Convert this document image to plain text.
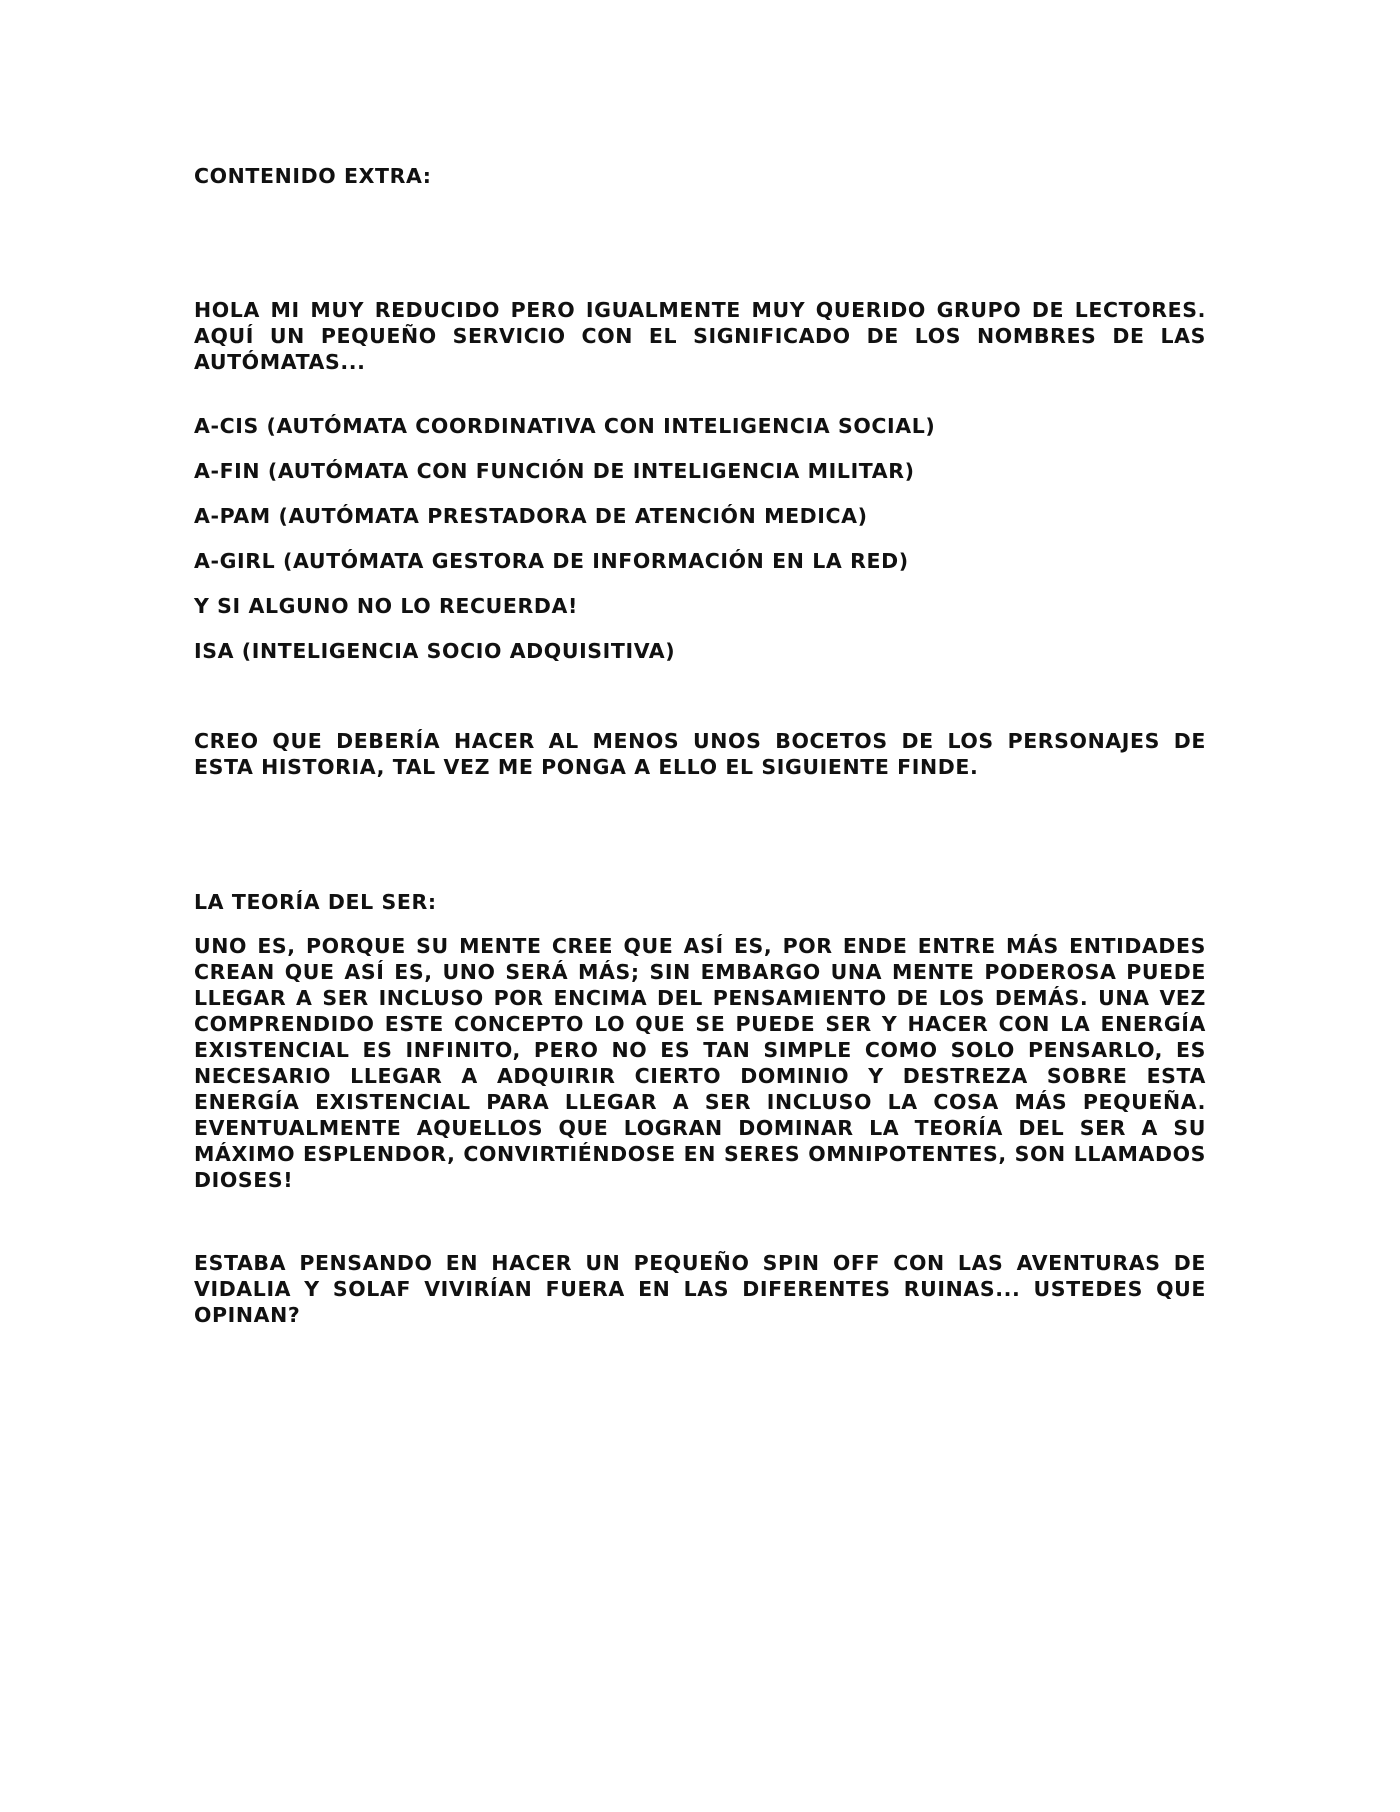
CONTENIDO EXTRA:

HOLA MI MUY REDUCIDO PERO IGUALMENTE MUY QUERIDO GRUPO DE LECTORES. AQUÍ UN PEQUEÑO SERVICIO CON EL SIGNIFICADO DE LOS NOMBRES DE LAS AUTÓMATAS...

A-CIS (AUTÓMATA COORDINATIVA CON INTELIGENCIA SOCIAL)

A-FIN (AUTÓMATA CON FUNCIÓN DE INTELIGENCIA MILITAR)

A-PAM (AUTÓMATA PRESTADORA DE ATENCIÓN MEDICA)

A-GIRL (AUTÓMATA GESTORA DE INFORMACIÓN EN LA RED)

Y SI ALGUNO NO LO RECUERDA!

ISA (INTELIGENCIA SOCIO ADQUISITIVA)

CREO QUE DEBERÍA HACER AL MENOS UNOS BOCETOS DE LOS PERSONAJES DE ESTA HISTORIA, TAL VEZ ME PONGA A ELLO EL SIGUIENTE FINDE.

LA TEORÍA DEL SER:

UNO ES, PORQUE SU MENTE CREE QUE ASÍ ES, POR ENDE ENTRE MÁS ENTIDADES CREAN QUE ASÍ ES, UNO SERÁ MÁS; SIN EMBARGO UNA MENTE PODEROSA PUEDE LLEGAR A SER INCLUSO POR ENCIMA DEL PENSAMIENTO DE LOS DEMÁS. UNA VEZ COMPRENDIDO ESTE CONCEPTO LO QUE SE PUEDE SER Y HACER CON LA ENERGÍA EXISTENCIAL ES INFINITO, PERO NO ES TAN SIMPLE COMO SOLO PENSARLO, ES NECESARIO LLEGAR A ADQUIRIR CIERTO DOMINIO Y DESTREZA SOBRE ESTA ENERGÍA EXISTENCIAL PARA LLEGAR A SER INCLUSO LA COSA MÁS PEQUEÑA. EVENTUALMENTE AQUELLOS QUE LOGRAN DOMINAR LA TEORÍA DEL SER A SU MÁXIMO ESPLENDOR, CONVIRTIÉNDOSE EN SERES OMNIPOTENTES, SON LLAMADOS DIOSES!

ESTABA PENSANDO EN HACER UN PEQUEÑO SPIN OFF CON LAS AVENTURAS DE VIDALIA Y SOLAF VIVIRÍAN FUERA EN LAS DIFERENTES RUINAS... USTEDES QUE OPINAN?
